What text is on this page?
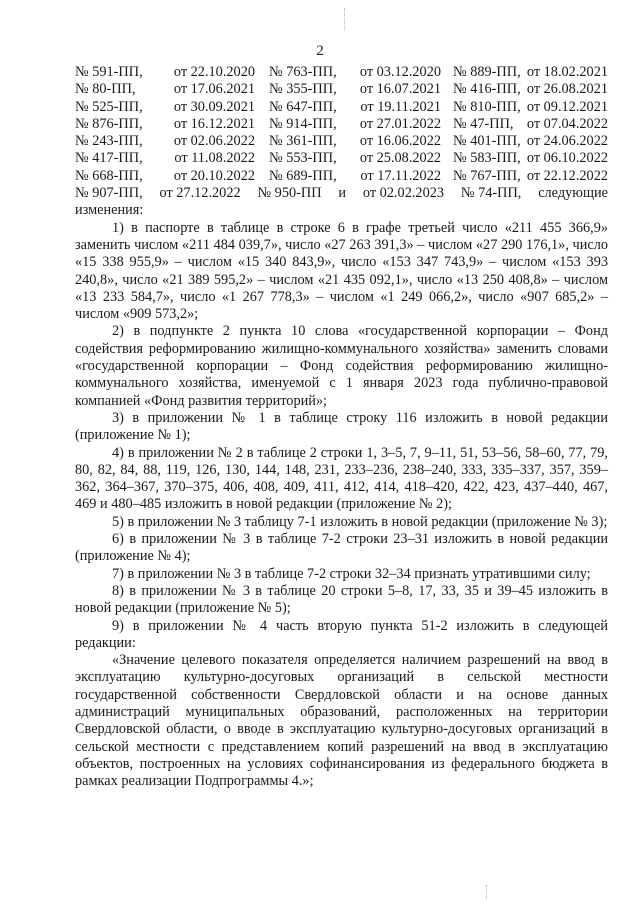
2
№ 591-ПП,	от 22.10.2020	№ 763-ПП,	от 03.12.2020	№ 889-ПП,	от 18.02.2021
№ 80-ПП,	от 17.06.2021	№ 355-ПП,	от 16.07.2021	№ 416-ПП,	от 26.08.2021
№ 525-ПП,	от 30.09.2021	№ 647-ПП,	от 19.11.2021	№ 810-ПП,	от 09.12.2021
№ 876-ПП,	от 16.12.2021	№ 914-ПП,	от 27.01.2022	№ 47-ПП,	от 07.04.2022
№ 243-ПП,	от 02.06.2022	№ 361-ПП,	от 16.06.2022	№ 401-ПП,	от 24.06.2022
№ 417-ПП,	от 11.08.2022	№ 553-ПП,	от 25.08.2022	№ 583-ПП,	от 06.10.2022
№ 668-ПП,	от 20.10.2022	№ 689-ПП,	от 17.11.2022	№ 767-ПП,	от 22.12.2022
№ 907-ПП, от 27.12.2022 № 950-ПП и от 02.02.2023 № 74-ПП, следующие

изменения:

1) в паспорте в таблице в строке 6 в графе третьей число «211 455 366,9» заменить числом «211 484 039,7», число «27 263 391,3» – числом «27 290 176,1», число «15 338 955,9» – числом «15 340 843,9», число «153 347 743,9» – числом «153 393 240,8», число «21 389 595,2» – числом «21 435 092,1», число «13 250 408,8» – числом «13 233 584,7», число «1 267 778,3» – числом «1 249 066,2», число «907 685,2» – числом «909 573,2»;

2) в подпункте 2 пункта 10 слова «государственной корпорации – Фонд содействия реформированию жилищно-коммунального хозяйства» заменить словами «государственной корпорации – Фонд содействия реформированию жилищно-коммунального хозяйства, именуемой с 1 января 2023 года публично-правовой компанией «Фонд развития территорий»;

3) в приложении № 1 в таблице строку 116 изложить в новой редакции (приложение № 1);

4) в приложении № 2 в таблице 2 строки 1, 3–5, 7, 9–11, 51, 53–56, 58–60, 77, 79, 80, 82, 84, 88, 119, 126, 130, 144, 148, 231, 233–236, 238–240, 333, 335–337, 357, 359–362, 364–367, 370–375, 406, 408, 409, 411, 412, 414, 418–420, 422, 423, 437–440, 467, 469 и 480–485 изложить в новой редакции (приложение № 2);

5) в приложении № 3 таблицу 7-1 изложить в новой редакции (приложение № 3);

6) в приложении № 3 в таблице 7-2 строки 23–31 изложить в новой редакции (приложение № 4);

7) в приложении № 3 в таблице 7-2 строки 32–34 признать утратившими силу;

8) в приложении № 3 в таблице 20 строки 5–8, 17, 33, 35 и 39–45 изложить в новой редакции (приложение № 5);

9) в приложении № 4 часть вторую пункта 51-2 изложить в следующей редакции:

«Значение целевого показателя определяется наличием разрешений на ввод в эксплуатацию культурно-досуговых организаций в сельской местности государственной собственности Свердловской области и на основе данных администраций муниципальных образований, расположенных на территории Свердловской области, о вводе в эксплуатацию культурно-досуговых организаций в сельской местности с представлением копий разрешений на ввод в эксплуатацию объектов, построенных на условиях софинансирования из федерального бюджета в рамках реализации Подпрограммы 4.»;
